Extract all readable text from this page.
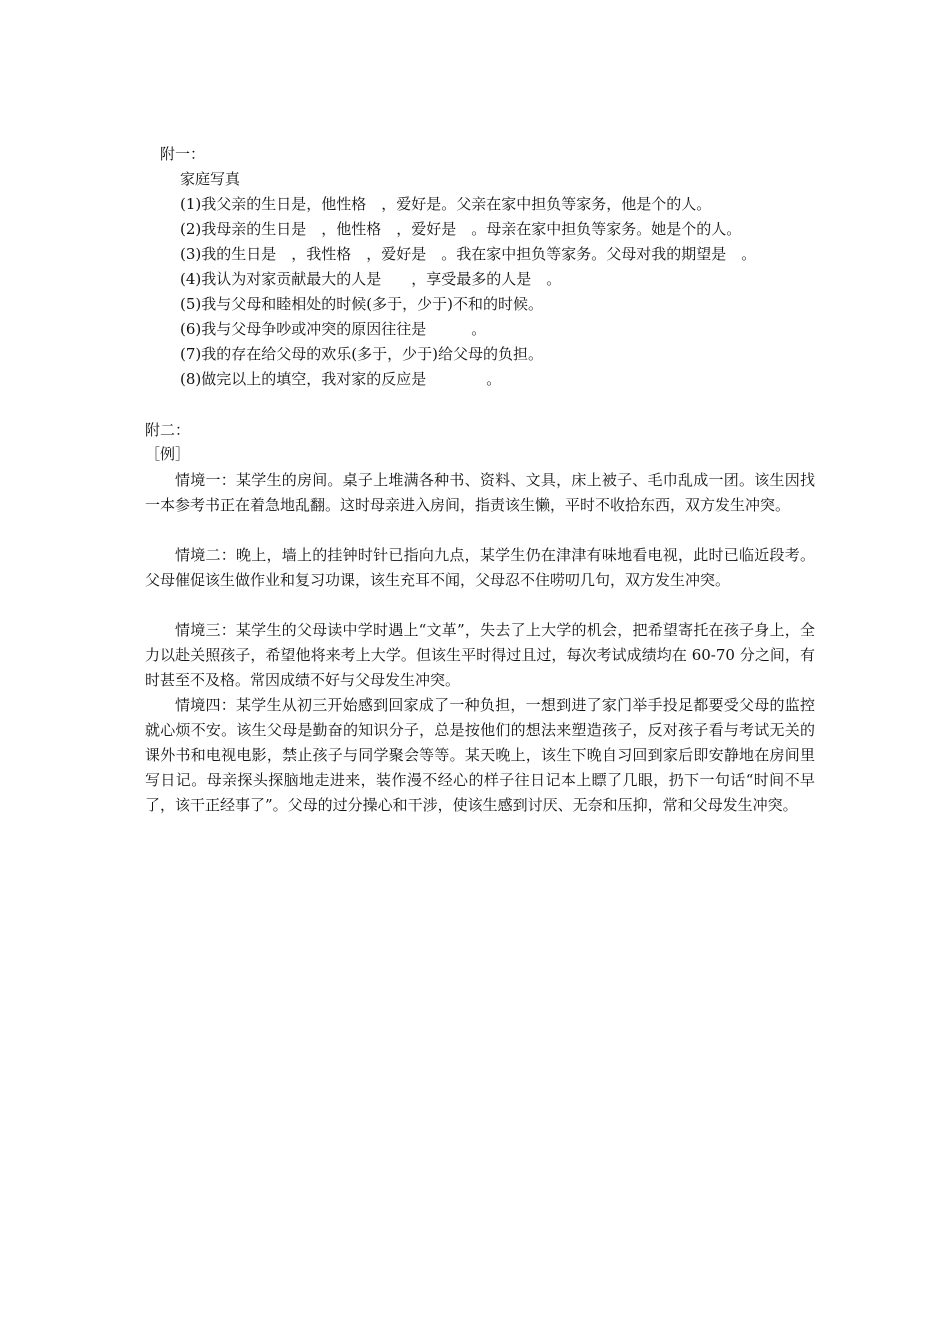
附一：
家庭写真
(1)我父亲的生日是，他性格　，爱好是。父亲在家中担负等家务，他是个的人。
(2)我母亲的生日是　，他性格　，爱好是　。母亲在家中担负等家务。她是个的人。
(3)我的生日是　，我性格　，爱好是　。我在家中担负等家务。父母对我的期望是　。
(4)我认为对家贡献最大的人是　　，享受最多的人是　。
(5)我与父母和睦相处的时候(多于，少于)不和的时候。
(6)我与父母争吵或冲突的原因往往是　　　。
(7)我的存在给父母的欢乐(多于，少于)给父母的负担。
(8)做完以上的填空，我对家的反应是　　　　。
附二：
［例］

情境一：某学生的房间。桌子上堆满各种书、资料、文具，床上被子、毛巾乱成一团。该生因找一本参考书正在着急地乱翻。这时母亲进入房间，指责该生懒，平时不收拾东西，双方发生冲突。

情境二：晚上，墙上的挂钟时针已指向九点，某学生仍在津津有味地看电视，此时已临近段考。父母催促该生做作业和复习功课，该生充耳不闻，父母忍不住唠叨几句，双方发生冲突。

情境三：某学生的父母读中学时遇上“文革”，失去了上大学的机会，把希望寄托在孩子身上，全力以赴关照孩子，希望他将来考上大学。但该生平时得过且过，每次考试成绩均在 60-70 分之间，有时甚至不及格。常因成绩不好与父母发生冲突。

情境四：某学生从初三开始感到回家成了一种负担，一想到进了家门举手投足都要受父母的监控就心烦不安。该生父母是勤奋的知识分子，总是按他们的想法来塑造孩子，反对孩子看与考试无关的课外书和电视电影，禁止孩子与同学聚会等等。某天晚上，该生下晚自习回到家后即安静地在房间里写日记。母亲探头探脑地走进来，装作漫不经心的样子往日记本上瞟了几眼，扔下一句话“时间不早了，该干正经事了”。父母的过分操心和干涉，使该生感到讨厌、无奈和压抑，常和父母发生冲突。
